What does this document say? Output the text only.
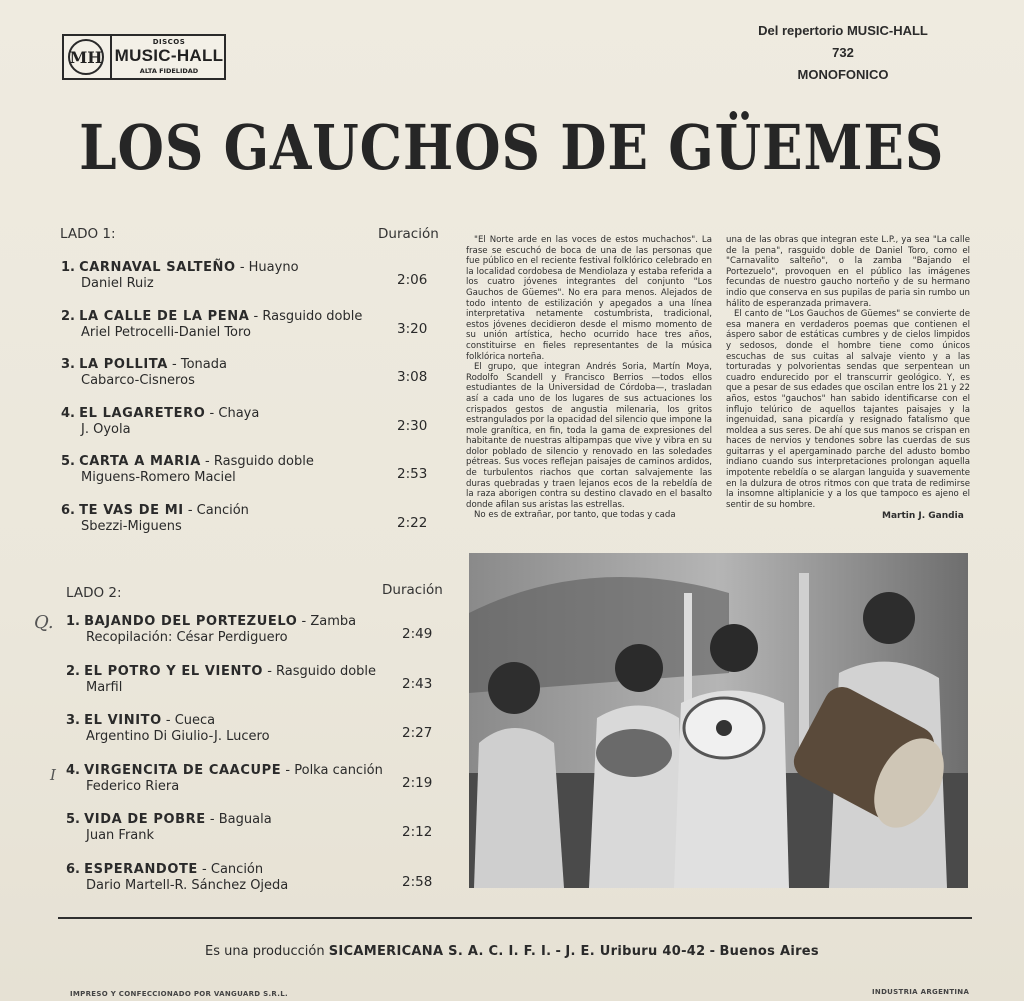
MH
DISCOS
MUSIC-HALL
ALTA FIDELIDAD
Del repertorio MUSIC-HALL
732
MONOFONICO
LOS GAUCHOS DE GÜEMES
LADO 1:	Duración
1. CARNAVAL SALTEÑO - Huayno
Daniel Ruiz	2:06
2. LA CALLE DE LA PENA - Rasguido doble
Ariel Petrocelli-Daniel Toro	3:20
3. LA POLLITA - Tonada
Cabarco-Cisneros	3:08
4. EL LAGARETERO - Chaya
J. Oyola	2:30
5. CARTA A MARIA - Rasguido doble
Miguens-Romero Maciel	2:53
6. TE VAS DE MI - Canción
Sbezzi-Miguens	2:22
LADO 2:	Duración
1. BAJANDO DEL PORTEZUELO - Zamba
Recopilación: César Perdiguero	2:49
2. EL POTRO Y EL VIENTO - Rasguido doble
Marfil	2:43
3. EL VINITO - Cueca
Argentino Di Giulio-J. Lucero	2:27
4. VIRGENCITA DE CAACUPE - Polka canción
Federico Riera	2:19
5. VIDA DE POBRE - Baguala
Juan Frank	2:12
6. ESPERANDOTE - Canción
Dario Martell-R. Sánchez Ojeda	2:58
Q.
I

"El Norte arde en las voces de estos muchachos". La frase se escuchó de boca de una de las personas que fue público en el reciente festival folklórico celebrado en la localidad cordobesa de Mendiolaza y estaba referida a los cuatro jóvenes integrantes del conjunto "Los Gauchos de Güemes". No era para menos. Alejados de todo intento de estilización y apegados a una línea interpretativa netamente costumbrista, tradicional, estos jóvenes decidieron desde el mismo momento de su unión artística, hecho ocurrido hace tres años, constituirse en fieles representantes de la música folklórica norteña.

El grupo, que integran Andrés Soria, Martín Moya, Rodolfo Scandell y Francisco Berrios —todos ellos estudiantes de la Universidad de Córdoba—, trasladan así a cada uno de los lugares de sus actuaciones los crispados gestos de angustia milenaria, los gritos estrangulados por la opacidad del silencio que impone la mole granítica, en fin, toda la gama de expresiones del habitante de nuestras altipampas que vive y vibra en su dolor poblado de silencio y renovado en las soledades pétreas. Sus voces reflejan paisajes de caminos ardidos, de turbulentos riachos que cortan salvajemente las duras quebradas y traen lejanos ecos de la rebeldía de la raza aborigen contra su destino clavado en el basalto donde afilan sus aristas las estrellas.

No es de extrañar, por tanto, que todas y cada

una de las obras que integran este L.P., ya sea "La calle de la pena", rasguido doble de Daniel Toro, como el "Carnavalito salteño", o la zamba "Bajando el Portezuelo", provoquen en el público las imágenes fecundas de nuestro gaucho norteño y de su hermano indio que conserva en sus pupilas de paria sin rumbo un hálito de esperanzada primavera.

El canto de "Los Gauchos de Güemes" se convierte de esa manera en verdaderos poemas que contienen el áspero sabor de estáticas cumbres y de cielos limpidos y sedosos, donde el hombre tiene como únicos escuchas de sus cuitas al salvaje viento y a las torturadas y polvorientas sendas que serpentean un cuadro endurecido por el transcurrir geológico. Y, es que a pesar de sus edades que oscilan entre los 21 y 22 años, estos "gauchos" han sabido identificarse con el influjo telúrico de aquellos tajantes paisajes y la ingenuidad, sana picardía y resignado fatalismo que moldea a sus seres. De ahí que sus manos se crispan en haces de nervios y tendones sobre las cuerdas de sus guitarras y el apergaminado parche del adusto bombo indiano cuando sus interpretaciones prolongan aquella impotente rebeldía o se alargan languida y suavemente en la dulzura de otros ritmos con que trata de redimirse la insomne altiplanicie y a los que tampoco es ajeno el sentir de su hombre.

Martin J. Gandia
Es una producción SICAMERICANA S. A. C. I. F. I. - J. E. Uriburu 40-42 - Buenos Aires
IMPRESO Y CONFECCIONADO POR VANGUARD S.R.L.	INDUSTRIA ARGENTINA
